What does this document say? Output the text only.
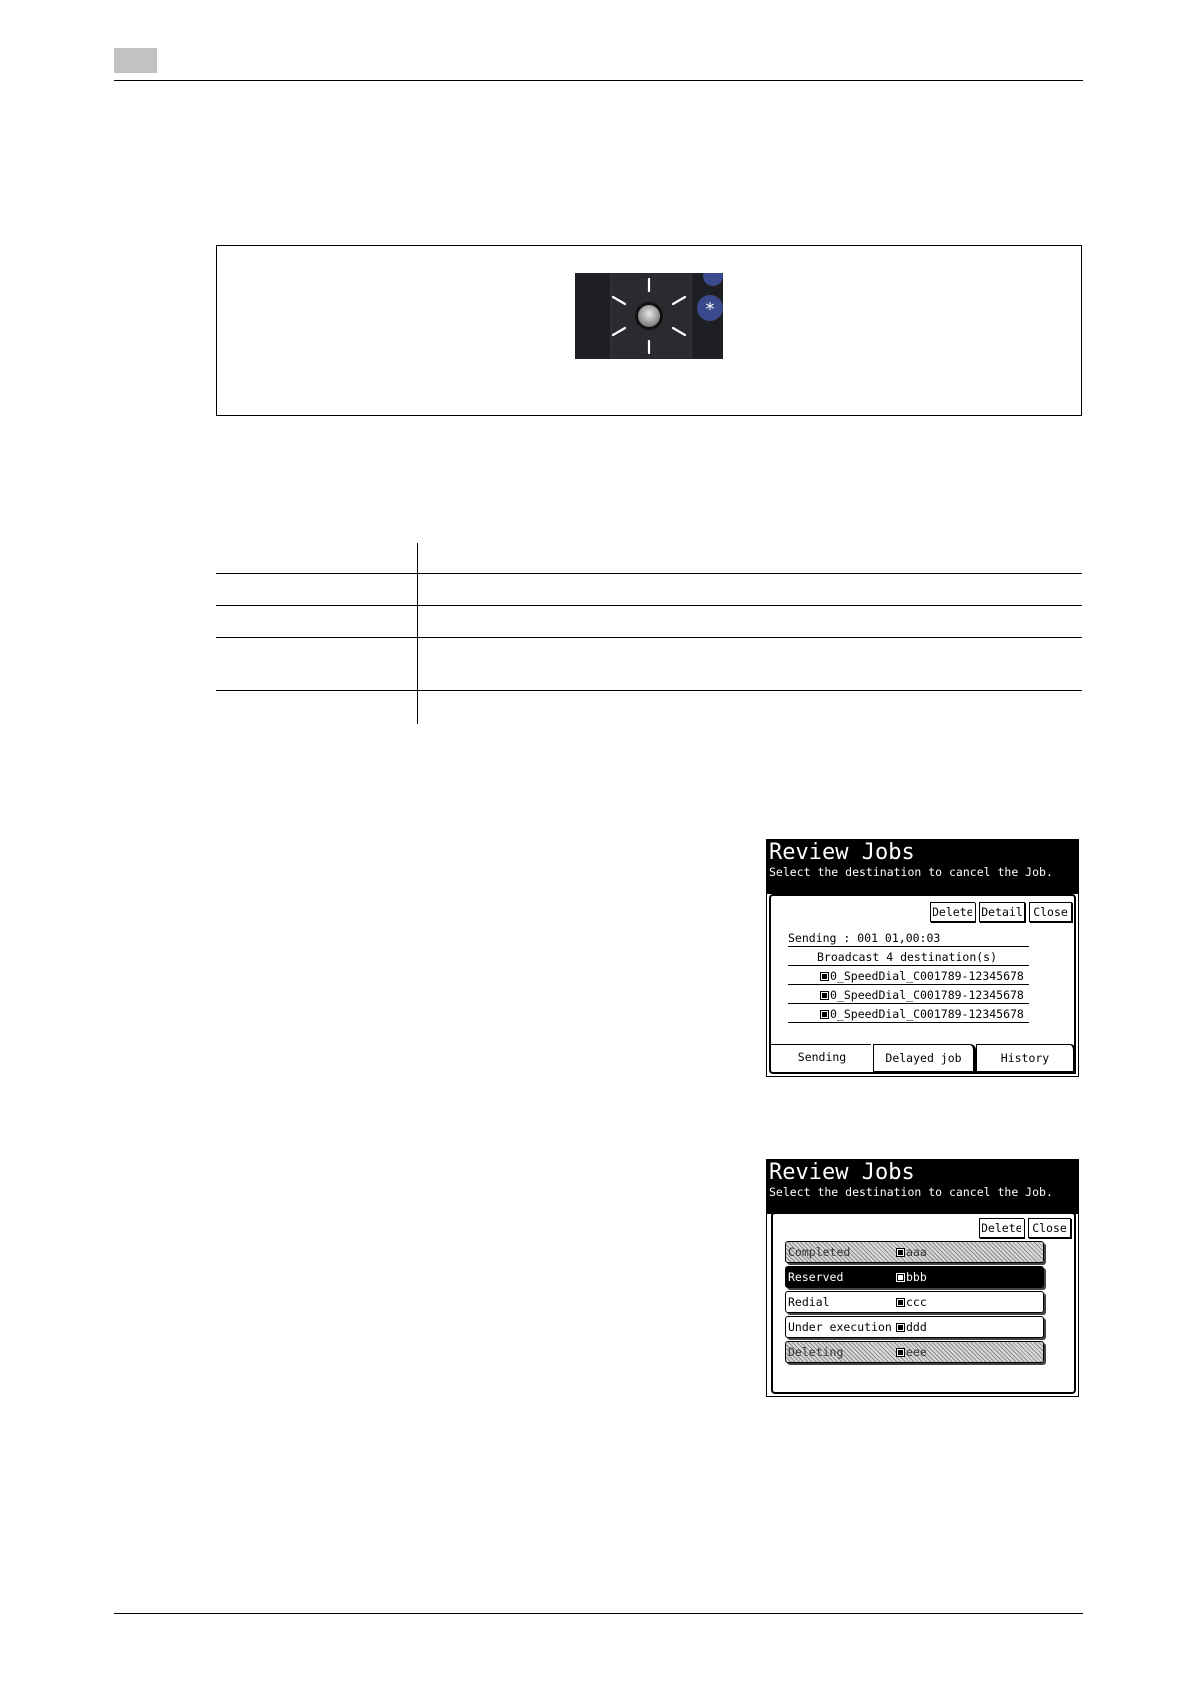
*
Review Jobs
Select the destination to cancel the Job.
Delete Detail Close
Sending : 001 01,00:03
Broadcast 4 destination(s)
0_SpeedDial_C001789-12345678
0_SpeedDial_C001789-12345678
0_SpeedDial_C001789-12345678
Sending	Delayed job	History
Review Jobs
Select the destination to cancel the Job.
Delete Close
Completed	aaa
Reserved	bbb
Redial	ccc
Under execution	ddd
Deleting	eee
